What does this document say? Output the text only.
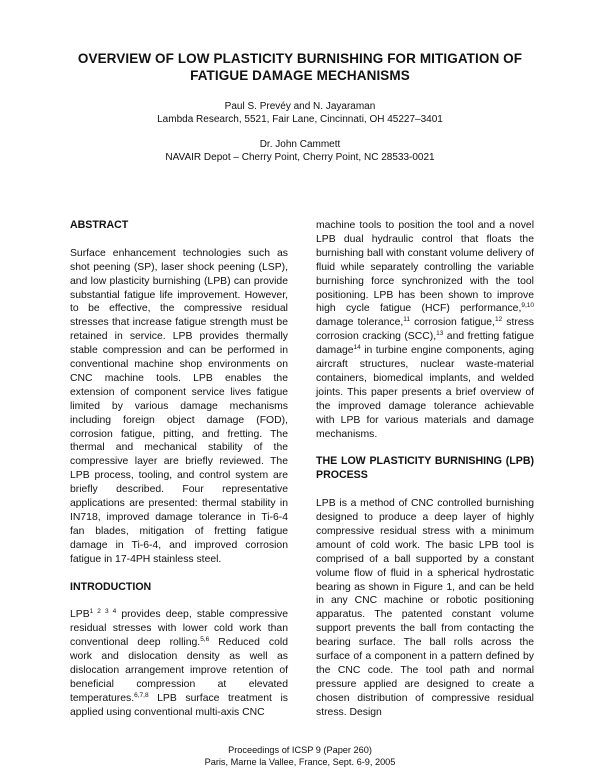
OVERVIEW OF LOW PLASTICITY BURNISHING FOR MITIGATION OF
FATIGUE DAMAGE MECHANISMS
Paul S. Prevéy and N. Jayaraman
Lambda Research, 5521, Fair Lane, Cincinnati, OH 45227–3401
Dr. John Cammett
NAVAIR Depot – Cherry Point, Cherry Point, NC 28533-0021
ABSTRACT

Surface enhancement technologies such as shot peening (SP), laser shock peening (LSP), and low plasticity burnishing (LPB) can provide substantial fatigue life improvement. However, to be effective, the compressive residual stresses that increase fatigue strength must be retained in service. LPB provides thermally stable compression and can be performed in conventional machine shop environments on CNC machine tools. LPB enables the extension of component service lives fatigue limited by various damage mechanisms including foreign object damage (FOD), corrosion fatigue, pitting, and fretting. The thermal and mechanical stability of the compressive layer are briefly reviewed. The LPB process, tooling, and control system are briefly described. Four representative applications are presented: thermal stability in IN718, improved damage tolerance in Ti-6-4 fan blades, mitigation of fretting fatigue damage in Ti-6-4, and improved corrosion fatigue in 17-4PH stainless steel.

INTRODUCTION

$LPB^{1 2 3 4}$ provides deep, stable compressive residual stresses with lower cold work than conventional deep rolling.$^{5,6}$ Reduced cold work and dislocation density as well as dislocation arrangement improve retention of beneficial compression at elevated temperatures.$^{6,7,8}$ LPB surface treatment is applied using conventional multi-axis CNC

machine tools to position the tool and a novel LPB dual hydraulic control that floats the burnishing ball with constant volume delivery of fluid while separately controlling the variable burnishing force synchronized with the tool positioning. LPB has been shown to improve high cycle fatigue (HCF) performance,$^{9,10}$ damage tolerance,$^{11}$ corrosion fatigue,$^{12}$ stress corrosion cracking (SCC),$^{13}$ and fretting fatigue damage$^{14}$ in turbine engine components, aging aircraft structures, nuclear waste-material containers, biomedical implants, and welded joints. This paper presents a brief overview of the improved damage tolerance achievable with LPB for various materials and damage mechanisms.

THE LOW PLASTICITY BURNISHING (LPB) PROCESS

LPB is a method of CNC controlled burnishing designed to produce a deep layer of highly compressive residual stress with a minimum amount of cold work. The basic LPB tool is comprised of a ball supported by a constant volume flow of fluid in a spherical hydrostatic bearing as shown in Figure 1, and can be held in any CNC machine or robotic positioning apparatus. The patented constant volume support prevents the ball from contacting the bearing surface. The ball rolls across the surface of a component in a pattern defined by the CNC code. The tool path and normal pressure applied are designed to create a chosen distribution of compressive residual stress. Design

Proceedings of ICSP 9 (Paper 260)
Paris, Marne la Vallee, France, Sept. 6-9, 2005
